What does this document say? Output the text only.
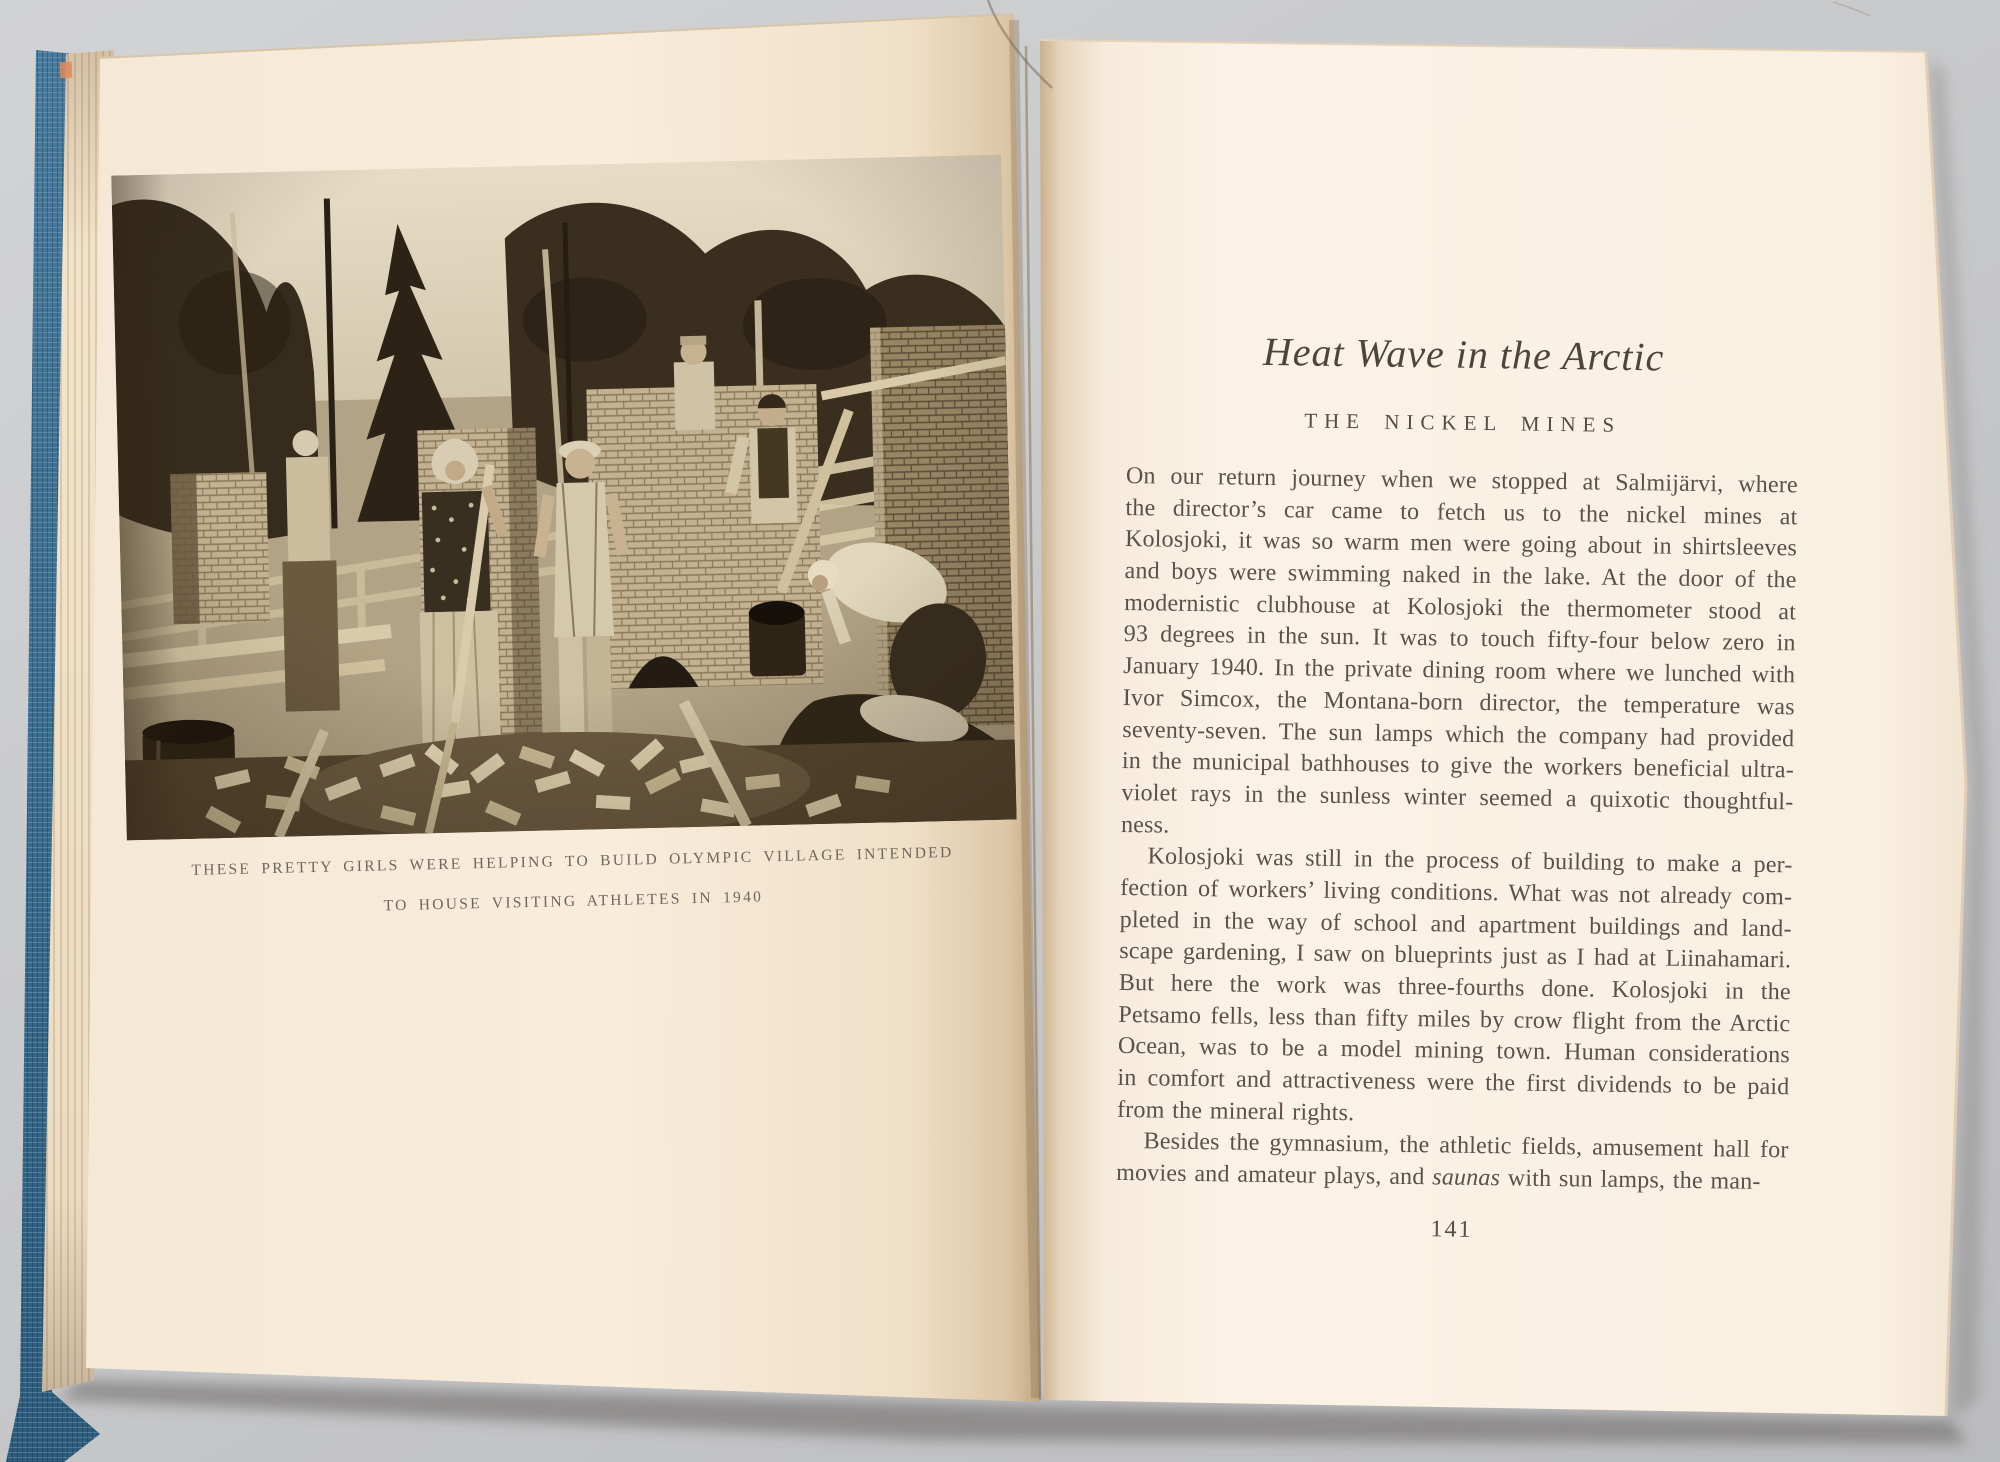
THESE PRETTY GIRLS WERE HELPING TO BUILD OLYMPIC VILLAGE INTENDED
TO HOUSE VISITING ATHLETES IN 1940
Heat Wave in the Arctic
THE NICKEL MINES
On our return journey when we stopped at Salmijärvi, where
the director’s car came to fetch us to the nickel mines at
Kolosjoki, it was so warm men were going about in shirtsleeves
and boys were swimming naked in the lake. At the door of the
modernistic clubhouse at Kolosjoki the thermometer stood at
93 degrees in the sun. It was to touch fifty-four below zero in
January 1940. In the private dining room where we lunched with
Ivor Simcox, the Montana-born director, the temperature was
seventy-seven. The sun lamps which the company had provided
in the municipal bathhouses to give the workers beneficial ultra-
violet rays in the sunless winter seemed a quixotic thoughtful-
ness.
Kolosjoki was still in the process of building to make a per-
fection of workers’ living conditions. What was not already com-
pleted in the way of school and apartment buildings and land-
scape gardening, I saw on blueprints just as I had at Liinahamari.
But here the work was three-fourths done. Kolosjoki in the
Petsamo fells, less than fifty miles by crow flight from the Arctic
Ocean, was to be a model mining town. Human considerations
in comfort and attractiveness were the first dividends to be paid
from the mineral rights.
Besides the gymnasium, the athletic fields, amusement hall for
movies and amateur plays, and saunas with sun lamps, the man-
141
